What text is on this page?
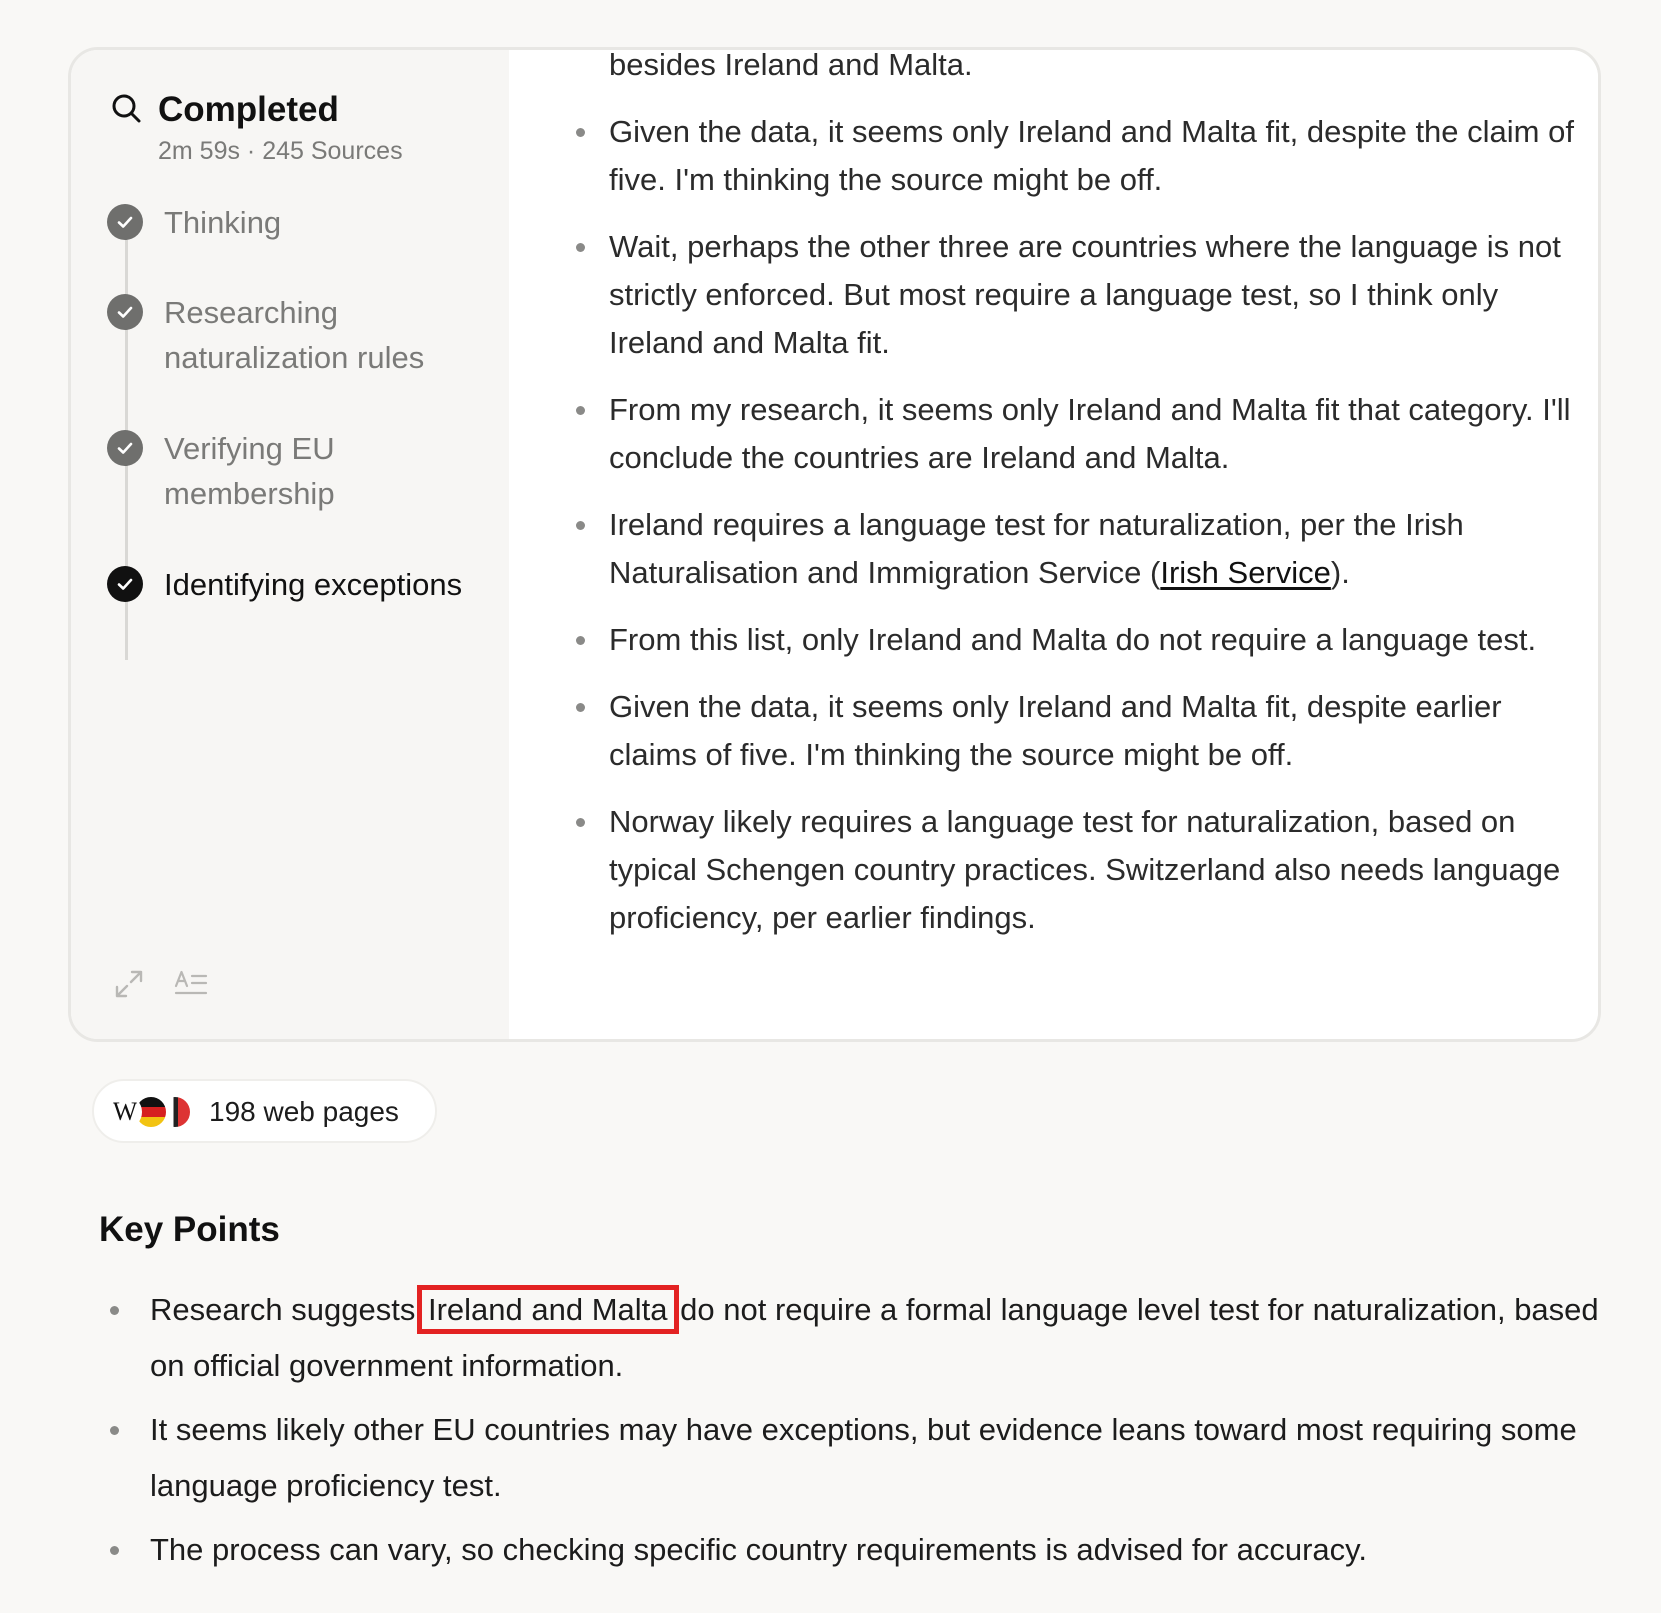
Completed
2m 59s · 245 Sources
Thinking
Researching naturalization rules
Verifying EU membership
Identifying exceptions
besides Ireland and Malta.
Given the data, it seems only Ireland and Malta fit, despite the claim of five. I'm thinking the source might be off.
Wait, perhaps the other three are countries where the language is not strictly enforced. But most require a language test, so I think only Ireland and Malta fit.
From my research, it seems only Ireland and Malta fit that category. I'll conclude the countries are Ireland and Malta.
Ireland requires a language test for naturalization, per the Irish Naturalisation and Immigration Service (Irish Service).
From this list, only Ireland and Malta do not require a language test.
Given the data, it seems only Ireland and Malta fit, despite earlier claims of five. I'm thinking the source might be off.
Norway likely requires a language test for naturalization, based on typical Schengen country practices. Switzerland also needs language proficiency, per earlier findings.
W	198 web pages
Key Points
Research suggests Ireland and Malta do not require a formal language level test for naturalization, based on official government information.
It seems likely other EU countries may have exceptions, but evidence leans toward most requiring some language proficiency test.
The process can vary, so checking specific country requirements is advised for accuracy.
